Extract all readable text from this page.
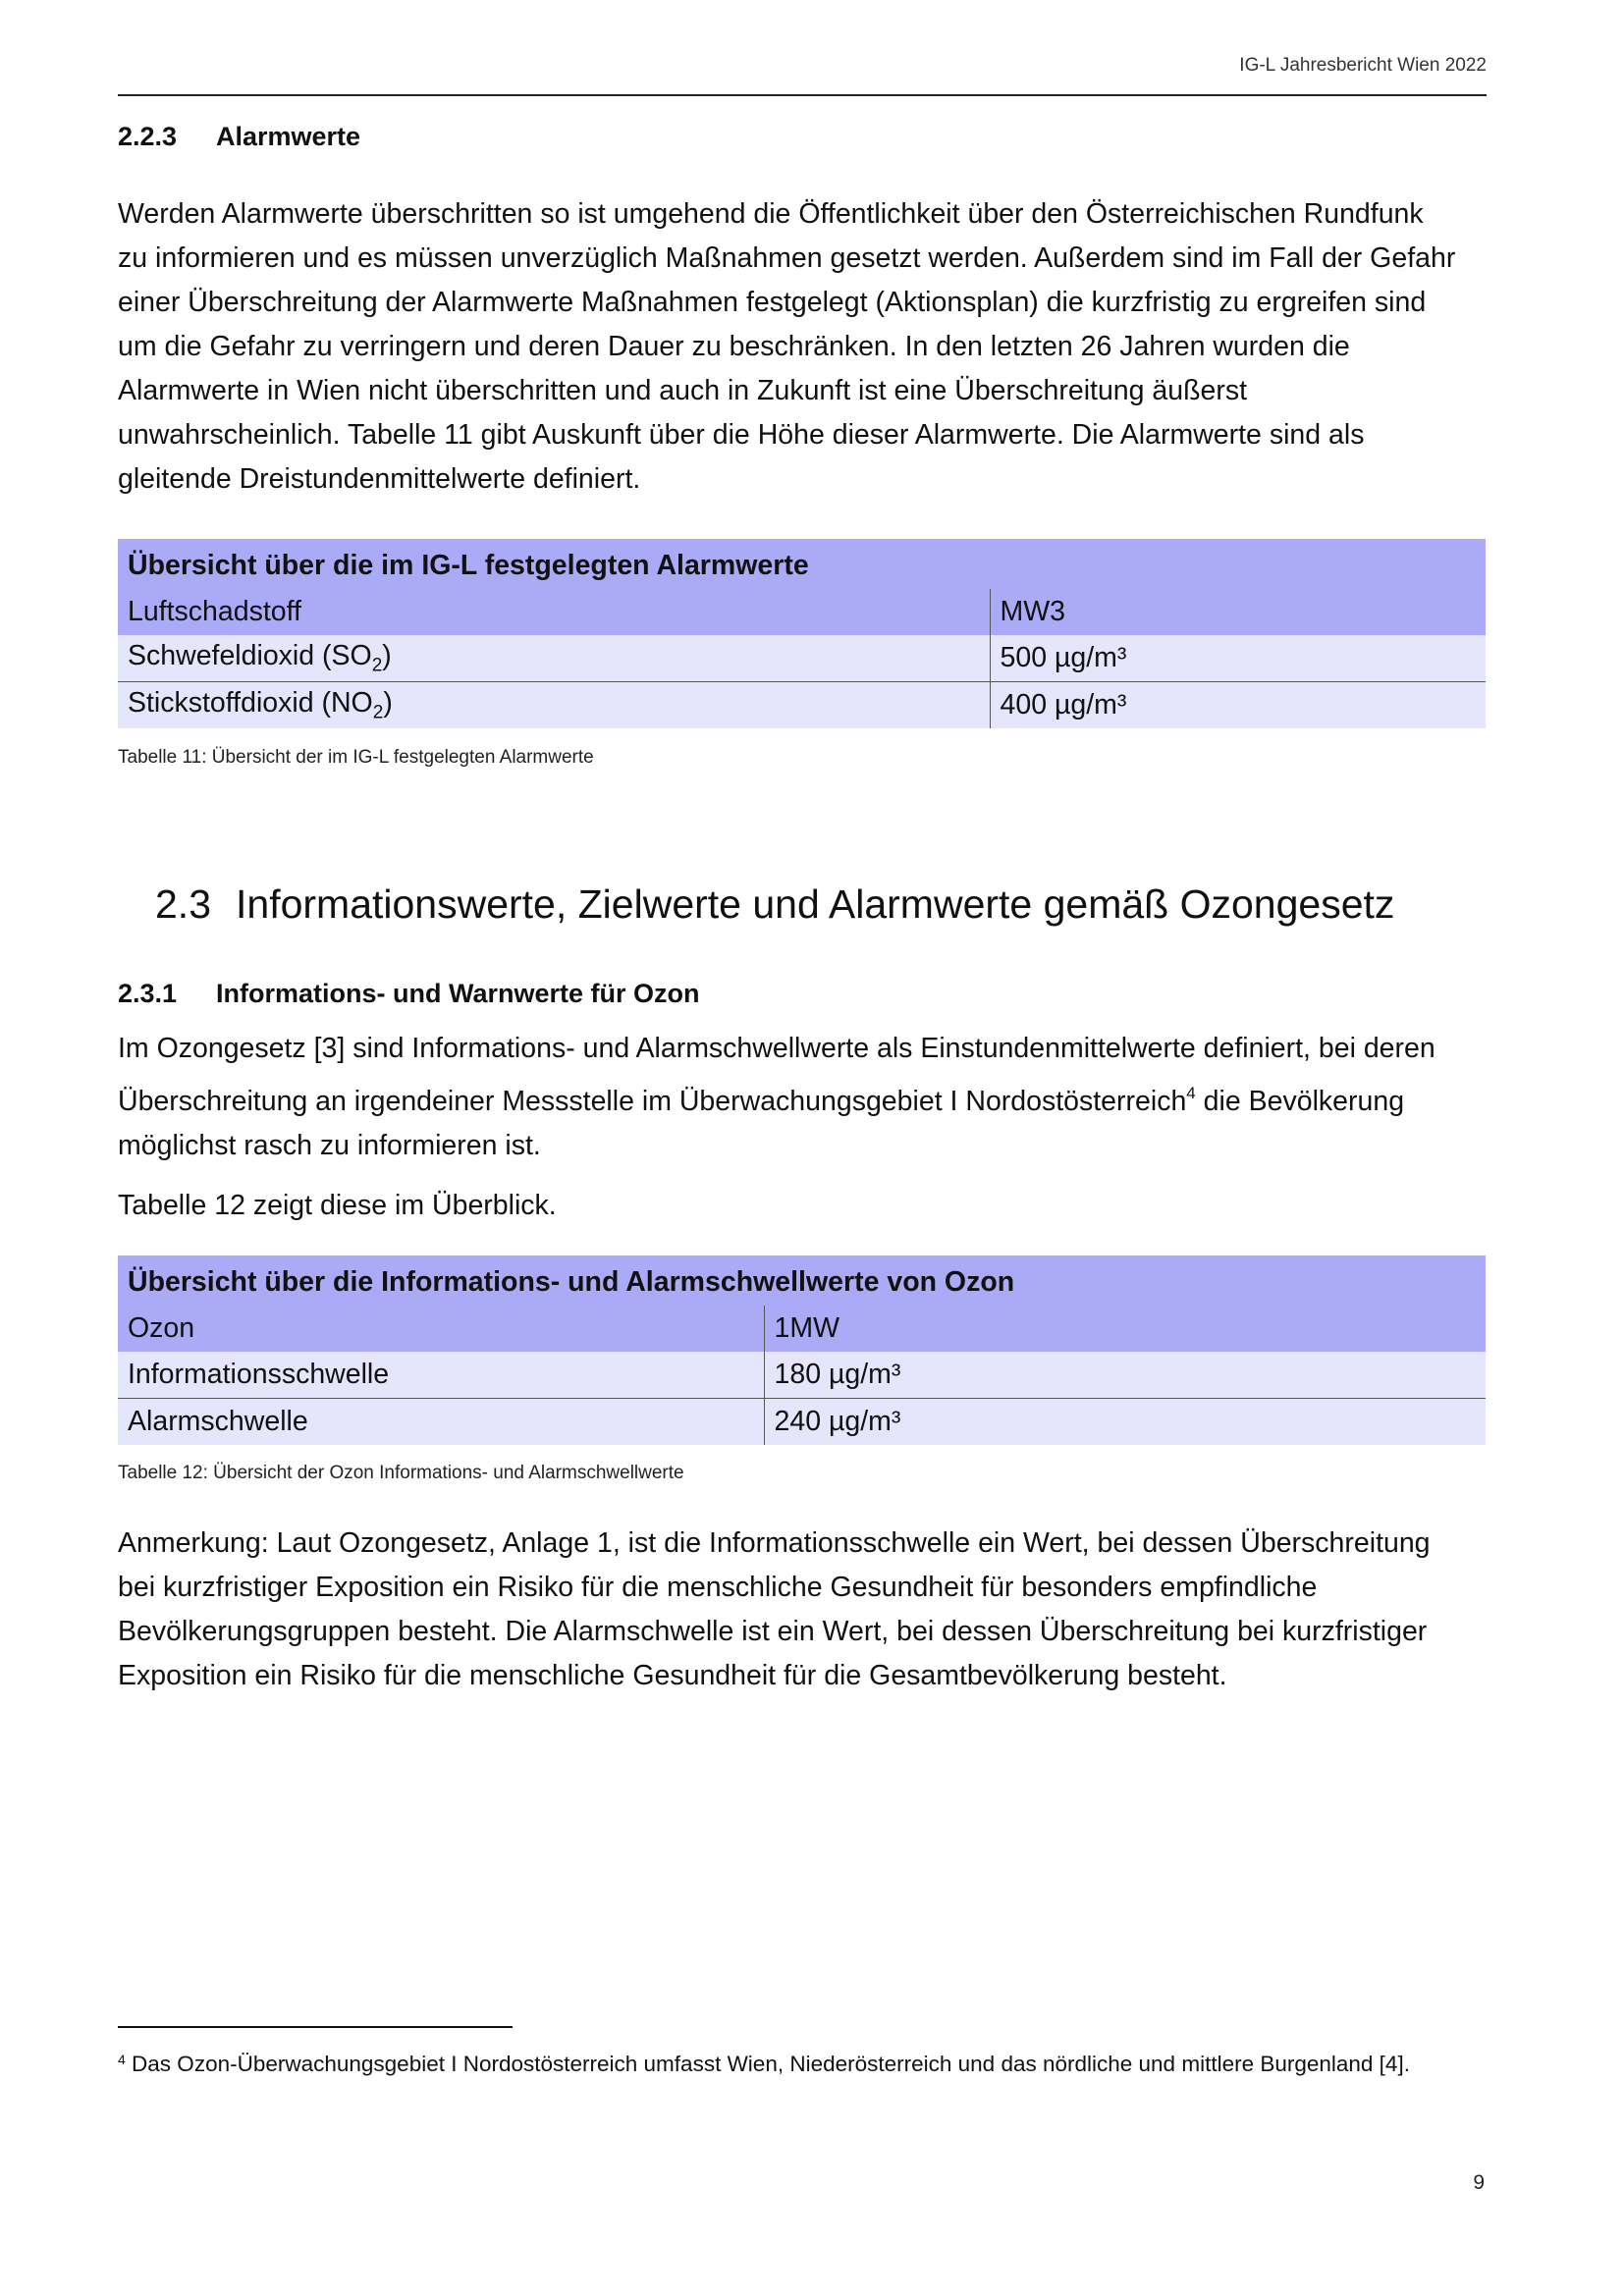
IG-L Jahresbericht Wien 2022
2.2.3 Alarmwerte

Werden Alarmwerte überschritten so ist umgehend die Öffentlichkeit über den Österreichischen Rundfunk

zu informieren und es müssen unverzüglich Maßnahmen gesetzt werden. Außerdem sind im Fall der Gefahr

einer Überschreitung der Alarmwerte Maßnahmen festgelegt (Aktionsplan) die kurzfristig zu ergreifen sind

um die Gefahr zu verringern und deren Dauer zu beschränken. In den letzten 26 Jahren wurden die

Alarmwerte in Wien nicht überschritten und auch in Zukunft ist eine Überschreitung äußerst

unwahrscheinlich. Tabelle 11 gibt Auskunft über die Höhe dieser Alarmwerte. Die Alarmwerte sind als

gleitende Dreistundenmittelwerte definiert.

Übersicht über die im IG-L festgelegten Alarmwerte	
Luftschadstoff	MW3
Schwefeldioxid $(SO_2)$	500 µg/m³
Stickstoffdioxid $(NO_2)$	400 µg/m³
Tabelle 11: Übersicht der im IG-L festgelegten Alarmwerte
2.3 Informationswerte, Zielwerte und Alarmwerte gemäß Ozongesetz
2.3.1 Informations- und Warnwerte für Ozon

Im Ozongesetz [3] sind Informations- und Alarmschwellwerte als Einstundenmittelwerte definiert, bei deren

Überschreitung an irgendeiner Messstelle im Überwachungsgebiet I Nordostösterreich$^4$ die Bevölkerung

möglichst rasch zu informieren ist.

Tabelle 12 zeigt diese im Überblick.

Übersicht über die Informations- und Alarmschwellwerte von Ozon	
Ozon	1MW
Informationsschwelle	180 µg/m³
Alarmschwelle	240 µg/m³
Tabelle 12: Übersicht der Ozon Informations- und Alarmschwellwerte

Anmerkung: Laut Ozongesetz, Anlage 1, ist die Informationsschwelle ein Wert, bei dessen Überschreitung

bei kurzfristiger Exposition ein Risiko für die menschliche Gesundheit für besonders empfindliche

Bevölkerungsgruppen besteht. Die Alarmschwelle ist ein Wert, bei dessen Überschreitung bei kurzfristiger

Exposition ein Risiko für die menschliche Gesundheit für die Gesamtbevölkerung besteht.

$^4$ Das Ozon-Überwachungsgebiet I Nordostösterreich umfasst Wien, Niederösterreich und das nördliche und mittlere Burgenland [4].
9
